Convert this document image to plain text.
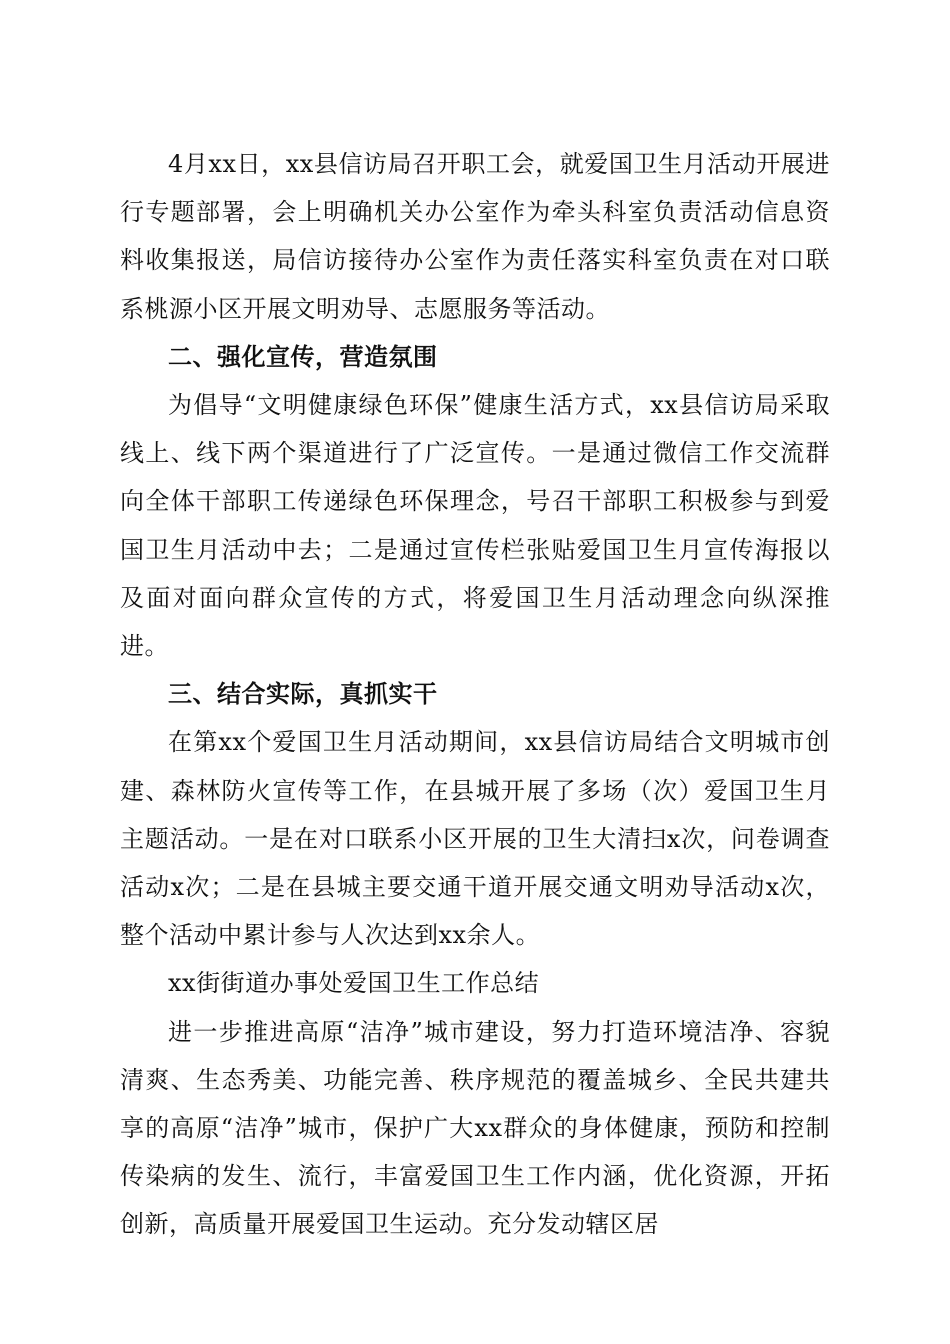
4月xx日，xx县信访局召开职工会，就爱国卫生月活动开展进行专题部署，会上明确机关办公室作为牵头科室负责活动信息资料收集报送，局信访接待办公室作为责任落实科室负责在对口联系桃源小区开展文明劝导、志愿服务等活动。

二、强化宣传，营造氛围

为倡导“文明健康绿色环保”健康生活方式，xx县信访局采取线上、线下两个渠道进行了广泛宣传。一是通过微信工作交流群向全体干部职工传递绿色环保理念，号召干部职工积极参与到爱国卫生月活动中去；二是通过宣传栏张贴爱国卫生月宣传海报以及面对面向群众宣传的方式，将爱国卫生月活动理念向纵深推进。

三、结合实际，真抓实干

在第xx个爱国卫生月活动期间，xx县信访局结合文明城市创建、森林防火宣传等工作，在县城开展了多场（次）爱国卫生月主题活动。一是在对口联系小区开展的卫生大清扫x次，问卷调查活动x次；二是在县城主要交通干道开展交通文明劝导活动x次，整个活动中累计参与人次达到xx余人。

xx街街道办事处爱国卫生工作总结

进一步推进高原“洁净”城市建设，努力打造环境洁净、容貌清爽、生态秀美、功能完善、秩序规范的覆盖城乡、全民共建共享的高原“洁净”城市，保护广大xx群众的身体健康，预防和控制传染病的发生、流行，丰富爱国卫生工作内涵，优化资源，开拓创新，高质量开展爱国卫生运动。充分发动辖区居
